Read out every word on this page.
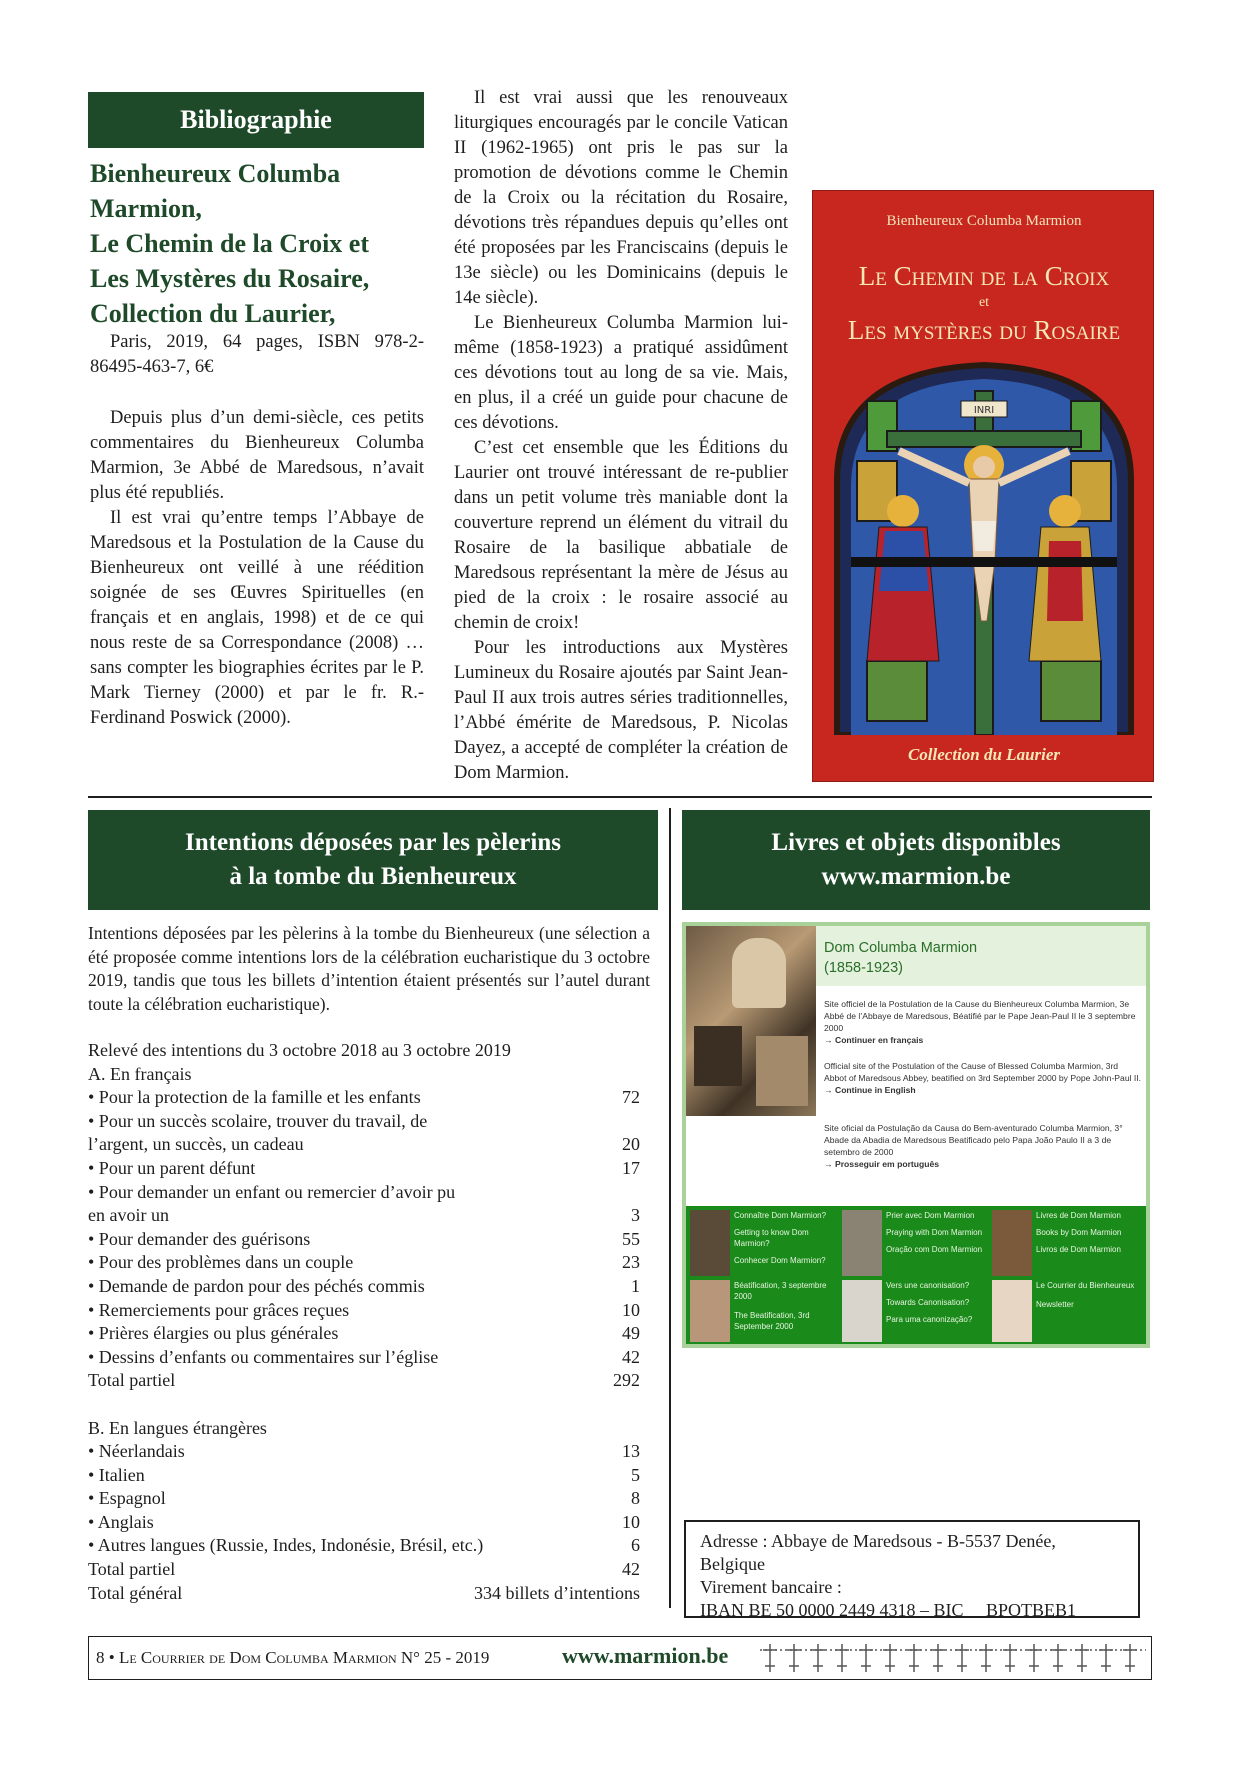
Bibliographie
Bienheureux Columba
Marmion,
Le Chemin de la Croix et
Les Mystères du Rosaire,
Collection du Laurier,

Paris, 2019, 64 pages, ISBN 978-2-86495-463-7, 6€

Depuis plus d’un demi-siècle, ces petits commentaires du Bienheureux Columba Marmion, 3e Abbé de Maredsous, n’avait plus été republiés.

Il est vrai qu’entre temps l’Abbaye de Maredsous et la Postulation de la Cause du Bienheureux ont veillé à une réédition soignée de ses Œuvres Spirituelles (en français et en anglais, 1998) et de ce qui nous reste de sa Correspondance (2008) … sans compter les biographies écrites par le P. Mark Tierney (2000) et par le fr. R.-Ferdinand Poswick (2000).

Il est vrai aussi que les renouveaux liturgiques encouragés par le concile Vatican II (1962-1965) ont pris le pas sur la promotion de dévotions comme le Chemin de la Croix ou la récitation du Rosaire, dévotions très répandues depuis qu’elles ont été proposées par les Franciscains (depuis le 13e siècle) ou les Dominicains (depuis le 14e siècle).

Le Bienheureux Columba Marmion lui-même (1858-1923) a pratiqué assidûment ces dévotions tout au long de sa vie. Mais, en plus, il a créé un guide pour chacune de ces dévotions.

C’est cet ensemble que les Éditions du Laurier ont trouvé intéressant de re-publier dans un petit volume très maniable dont la couverture reprend un élément du vitrail du Rosaire de la basilique abbatiale de Maredsous représentant la mère de Jésus au pied de la croix : le rosaire associé au chemin de croix!

Pour les introductions aux Mystères Lumineux du Rosaire ajoutés par Saint Jean-Paul II aux trois autres séries traditionnelles, l’Abbé émérite de Maredsous, P. Nicolas Dayez, a accepté de compléter la création de Dom Marmion.

Bienheureux Columba Marmion
Le Chemin de la Croix
et
Les mystères du Rosaire
INRI
Collection du Laurier
Intentions déposées par les pèlerins
à la tombe du Bienheureux
Intentions déposées par les pèlerins à la tombe du Bienheureux (une sélection a été proposée comme intentions lors de la célébration eucharistique du 3 octobre 2019, tandis que tous les billets d’intention étaient présentés sur l’autel durant toute la célébration eucharistique).
Relevé des intentions du 3 octobre 2018 au 3 octobre 2019
A. En français
• Pour la protection de la famille et les enfants	72
• Pour un succès scolaire, trouver du travail, de
l’argent, un succès, un cadeau	20
• Pour un parent défunt	17
• Pour demander un enfant ou remercier d’avoir pu
en avoir un	3
• Pour demander des guérisons	55
• Pour des problèmes dans un couple	23
• Demande de pardon pour des péchés commis	1
• Remerciements pour grâces reçues	10
• Prières élargies ou plus générales	49
• Dessins d’enfants ou commentaires sur l’église	42
Total partiel	292

B. En langues étrangères
• Néerlandais	13
• Italien	5
• Espagnol	8
• Anglais	10
• Autres langues (Russie, Indes, Indonésie, Brésil, etc.)	6
Total partiel	42
Total général	334 billets d’intentions
Livres et objets disponibles
www.marmion.be
Dom Columba Marmion
(1858-1923)
Site officiel de la Postulation de la Cause du Bienheureux Columba Marmion, 3e Abbé de l’Abbaye de Maredsous, Béatifié par le Pape Jean-Paul II le 3 septembre 2000
→ Continuer en français
Official site of the Postulation of the Cause of Blessed Columba Marmion, 3rd Abbot of Maredsous Abbey, beatified on 3rd September 2000 by Pope John-Paul II.
→ Continue in English
Site oficial da Postulação da Causa do Bem-aventurado Columba Marmion, 3° Abade da Abadia de Maredsous Beatificado pelo Papa João Paulo II a 3 de setembro de 2000
→ Prosseguir em português
Connaître Dom Marmion?
Getting to know Dom Marmion?
Conhecer Dom Marmion?
Prier avec Dom Marmion
Praying with Dom Marmion
Oração com Dom Marmion
Livres de Dom Marmion
Books by Dom Marmion
Livros de Dom Marmion
Béatification, 3 septembre 2000
The Beatification, 3rd September 2000
Vers une canonisation?
Towards Canonisation?
Para uma canonização?
Le Courrier du Bienheureux
Newsletter
Adresse : Abbaye de Maredsous - B-5537 Denée, Belgique
Virement bancaire :
IBAN BE 50 0000 2449 4318 – BIC     BPOTBEB1
8 • Le Courrier de Dom Columba Marmion N° 25 - 2019	www.marmion.be
